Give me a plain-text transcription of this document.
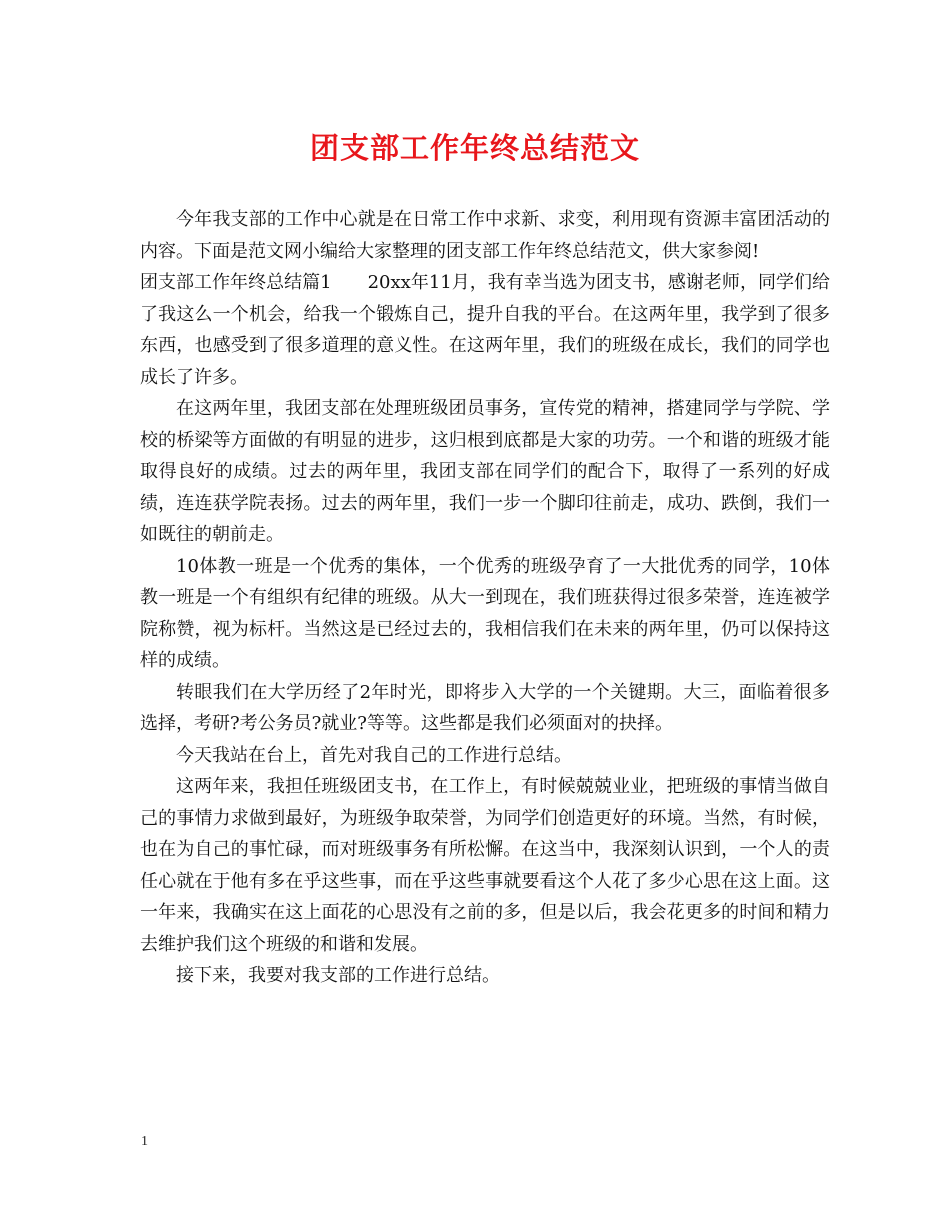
团支部工作年终总结范文

今年我支部的工作中心就是在日常工作中求新、求变，利用现有资源丰富团活动的内容。下面是范文网小编给大家整理的团支部工作年终总结范文，供大家参阅!

团支部工作年终总结篇1　　20xx年11月，我有幸当选为团支书，感谢老师，同学们给了我这么一个机会，给我一个锻炼自己，提升自我的平台。在这两年里，我学到了很多东西，也感受到了很多道理的意义性。在这两年里，我们的班级在成长，我们的同学也成长了许多。

在这两年里，我团支部在处理班级团员事务，宣传党的精神，搭建同学与学院、学校的桥梁等方面做的有明显的进步，这归根到底都是大家的功劳。一个和谐的班级才能取得良好的成绩。过去的两年里，我团支部在同学们的配合下，取得了一系列的好成绩，连连获学院表扬。过去的两年里，我们一步一个脚印往前走，成功、跌倒，我们一如既往的朝前走。

10体教一班是一个优秀的集体，一个优秀的班级孕育了一大批优秀的同学，10体教一班是一个有组织有纪律的班级。从大一到现在，我们班获得过很多荣誉，连连被学院称赞，视为标杆。当然这是已经过去的，我相信我们在未来的两年里，仍可以保持这样的成绩。

转眼我们在大学历经了2年时光，即将步入大学的一个关键期。大三，面临着很多选择，考研?考公务员?就业?等等。这些都是我们必须面对的抉择。

今天我站在台上，首先对我自己的工作进行总结。

这两年来，我担任班级团支书，在工作上，有时候兢兢业业，把班级的事情当做自己的事情力求做到最好，为班级争取荣誉，为同学们创造更好的环境。当然，有时候，也在为自己的事忙碌，而对班级事务有所松懈。在这当中，我深刻认识到，一个人的责任心就在于他有多在乎这些事，而在乎这些事就要看这个人花了多少心思在这上面。这一年来，我确实在这上面花的心思没有之前的多，但是以后，我会花更多的时间和精力去维护我们这个班级的和谐和发展。

接下来，我要对我支部的工作进行总结。

1
